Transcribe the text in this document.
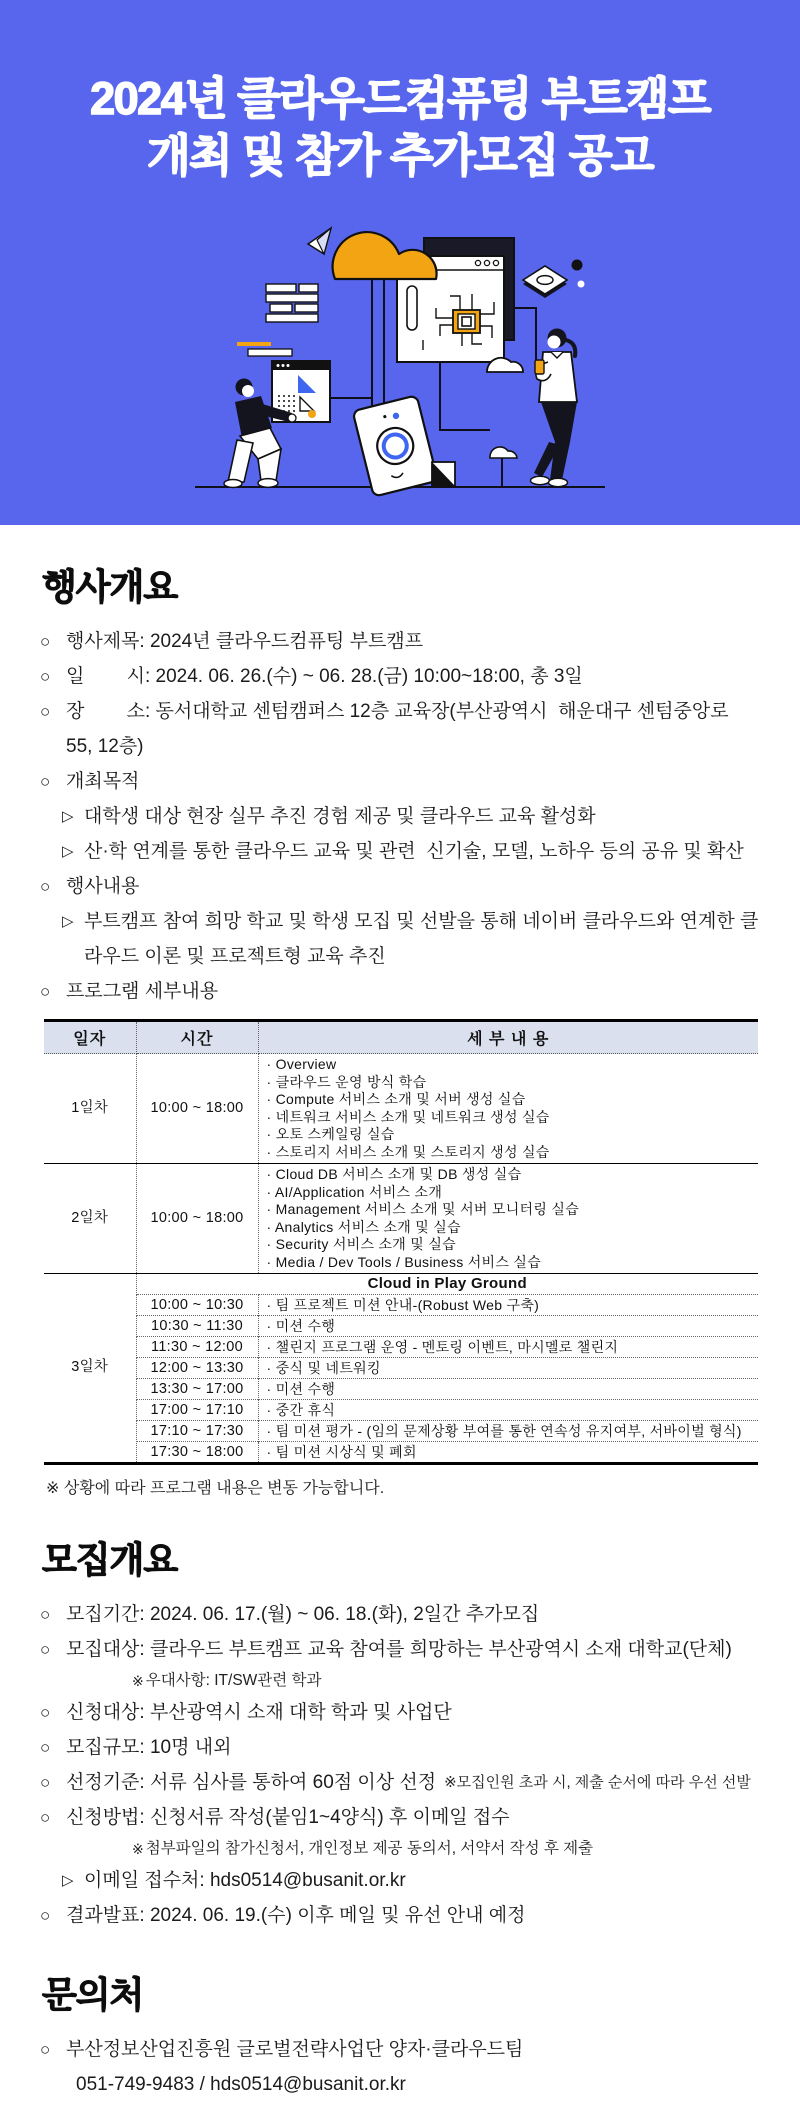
2024년 클라우드컴퓨팅 부트캠프
개최 및 참가 추가모집 공고
행사개요
○ 행사제목: 2024년 클라우드컴퓨팅 부트캠프
○ 일        시: 2024. 06. 26.(수) ~ 06. 28.(금) 10:00~18:00, 총 3일
○ 장        소: 동서대학교 센텀캠퍼스 12층 교육장(부산광역시  해운대구 센텀중앙로 55, 12층)
○ 개최목적
▷ 대학생 대상 현장 실무 추진 경험 제공 및 클라우드 교육 활성화
▷ 산·학 연계를 통한 클라우드 교육 및 관련  신기술, 모델, 노하우 등의 공유 및 확산
○ 행사내용
▷ 부트캠프 참여 희망 학교 및 학생 모집 및 선발을 통해 네이버 클라우드와 연계한 클라우드 이론 및 프로젝트형 교육 추진
○ 프로그램 세부내용
일자	시간	세 부 내 용
1일차	10:00 ~ 18:00	
· Overview
· 클라우드 운영 방식 학습
· Compute 서비스 소개 및 서버 생성 실습
· 네트워크 서비스 소개 및 네트워크 생성 실습
· 오토 스케일링 실습
· 스토리지 서비스 소개 및 스토리지 생성 실습

2일차	10:00 ~ 18:00	
· Cloud DB 서비스 소개 및 DB 생성 실습
· AI/Application 서비스 소개
· Management 서비스 소개 및 서버 모니터링 실습
· Analytics 서비스 소개 및 실습
· Security 서비스 소개 및 실습
· Media / Dev Tools / Business 서비스 실습

3일차	Cloud in Play Ground	
	10:00 ~ 10:30	· 팀 프로젝트 미션 안내-(Robust Web 구축)
	10:30 ~ 11:30	· 미션 수행
	11:30 ~ 12:00	· 챌린지 프로그램 운영 - 멘토링 이벤트, 마시멜로 챌린지
	12:00 ~ 13:30	· 중식 및 네트워킹
	13:30 ~ 17:00	· 미션 수행
	17:00 ~ 17:10	· 중간 휴식
	17:10 ~ 17:30	· 팀 미션 평가 - (임의 문제상황 부여를 통한 연속성 유지여부, 서바이벌 형식)
	17:30 ~ 18:00	· 팀 미션 시상식 및 폐회
※ 상황에 따라 프로그램 내용은 변동 가능합니다.
모집개요
○ 모집기간: 2024. 06. 17.(월) ~ 06. 18.(화), 2일간 추가모집
○ 모집대상: 클라우드 부트캠프 교육 참여를 희망하는 부산광역시 소재 대학교(단체)
※ 우대사항: IT/SW관련 학과
○ 신청대상: 부산광역시 소재 대학 학과 및 사업단
○ 모집규모: 10명 내외
○ 선정기준: 서류 심사를 통하여 60점 이상 선정 ※모집인원 초과 시, 제출 순서에 따라 우선 선발
○ 신청방법: 신청서류 작성(붙임1~4양식) 후 이메일 접수
※ 첨부파일의 참가신청서, 개인정보 제공 동의서, 서약서 작성 후 제출
▷ 이메일 접수처: hds0514@busanit.or.kr
○ 결과발표: 2024. 06. 19.(수) 이후 메일 및 유선 안내 예정
문의처
○ 부산정보산업진흥원 글로벌전략사업단 양자·클라우드팀
051-749-9483 / hds0514@busanit.or.kr
